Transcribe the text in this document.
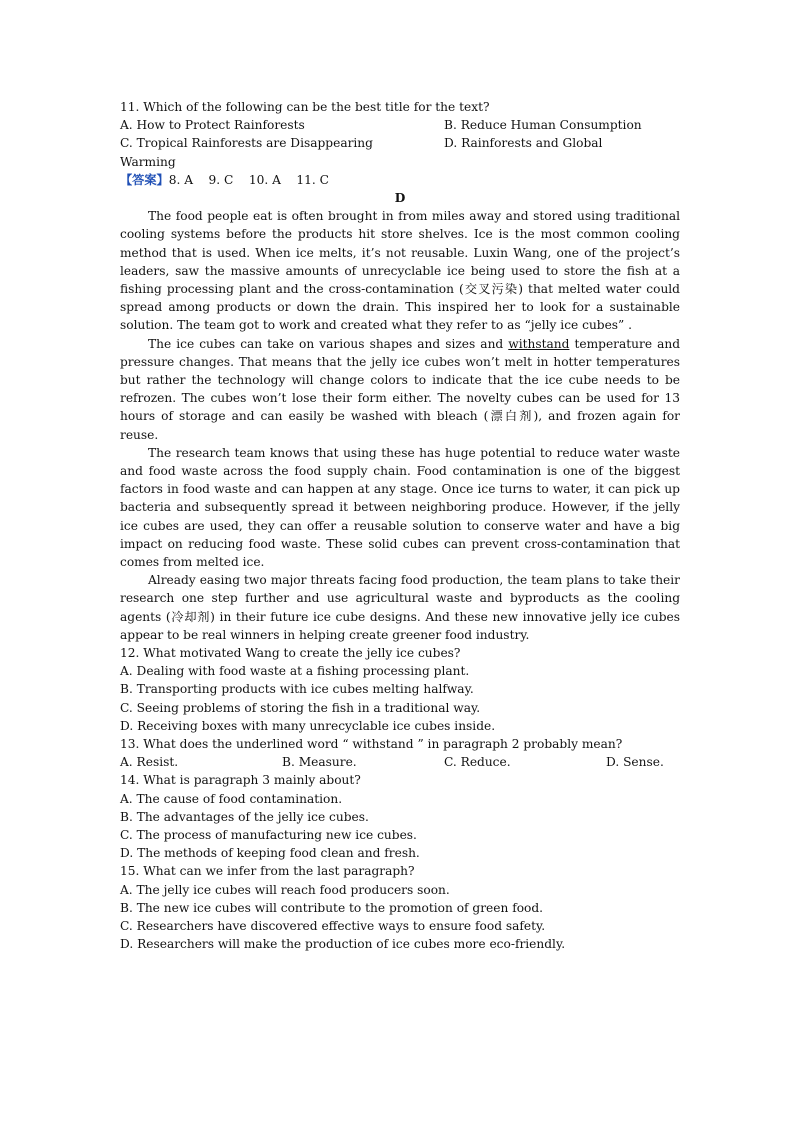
11. Which of the following can be the best title for the text?
A. How to Protect Rainforests	B. Reduce Human Consumption
C. Tropical Rainforests are Disappearing	D. Rainforests and Global
Warming
【答案】8. A    9. C    10. A    11. C
D

The food people eat is often brought in from miles away and stored using traditional cooling systems before the products hit store shelves. Ice is the most common cooling method that is used. When ice melts, it’s not reusable. Luxin Wang, one of the project’s leaders, saw the massive amounts of unrecyclable ice being used to store the fish at a fishing processing plant and the cross-contamination (交叉污染) that melted water could spread among products or down the drain. This inspired her to look for a sustainable solution. The team got to work and created what they refer to as “jelly ice cubes” .

The ice cubes can take on various shapes and sizes and withstand temperature and pressure changes. That means that the jelly ice cubes won’t melt in hotter temperatures but rather the technology will change colors to indicate that the ice cube needs to be refrozen. The cubes won’t lose their form either. The novelty cubes can be used for 13 hours of storage and can easily be washed with bleach (漂白剂), and frozen again for reuse.

The research team knows that using these has huge potential to reduce water waste and food waste across the food supply chain. Food contamination is one of the biggest factors in food waste and can happen at any stage. Once ice turns to water, it can pick up bacteria and subsequently spread it between neighboring produce. However, if the jelly ice cubes are used, they can offer a reusable solution to conserve water and have a big impact on reducing food waste. These solid cubes can prevent cross-contamination that comes from melted ice.

Already easing two major threats facing food production, the team plans to take their research one step further and use agricultural waste and byproducts as the cooling agents (冷却剂) in their future ice cube designs. And these new innovative jelly ice cubes appear to be real winners in helping create greener food industry.

12. What motivated Wang to create the jelly ice cubes?
A. Dealing with food waste at a fishing processing plant.
B. Transporting products with ice cubes melting halfway.
C. Seeing problems of storing the fish in a traditional way.
D. Receiving boxes with many unrecyclable ice cubes inside.
13. What does the underlined word “ withstand ” in paragraph 2 probably mean?
A. Resist.	B. Measure.	C. Reduce.	D. Sense.
14. What is paragraph 3 mainly about?
A. The cause of food contamination.
B. The advantages of the jelly ice cubes.
C. The process of manufacturing new ice cubes.
D. The methods of keeping food clean and fresh.
15. What can we infer from the last paragraph?
A. The jelly ice cubes will reach food producers soon.
B. The new ice cubes will contribute to the promotion of green food.
C. Researchers have discovered effective ways to ensure food safety.
D. Researchers will make the production of ice cubes more eco-friendly.
